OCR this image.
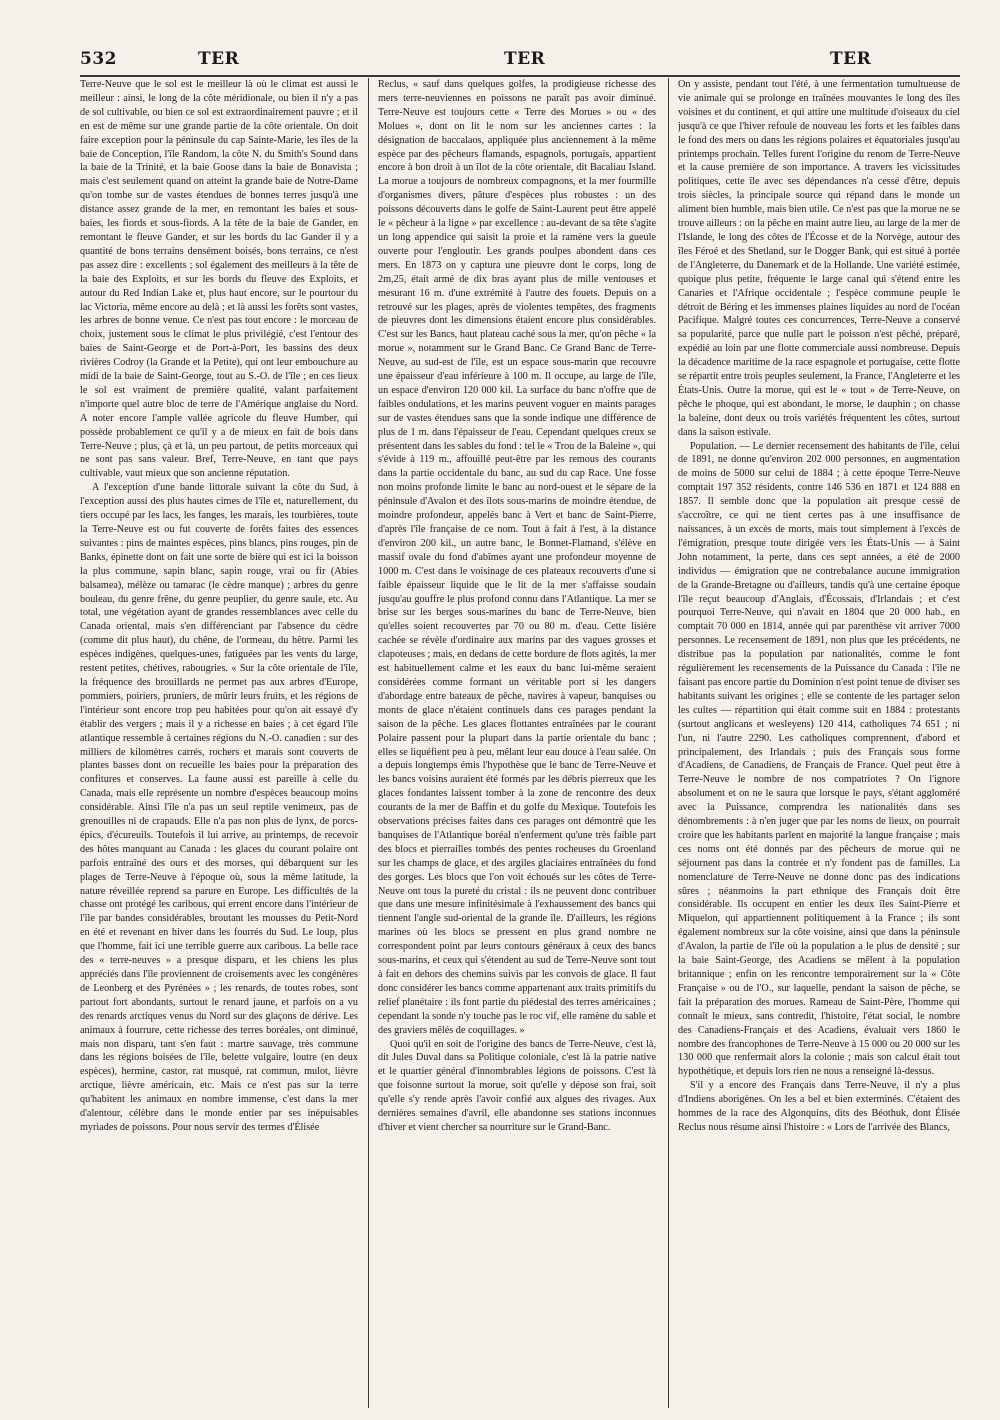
532	TER	TER	TER

Terre-Neuve que le sol est le meilleur là où le climat est aussi le meilleur : ainsi, le long de la côte méridionale, ou bien il n'y a pas de sol cultivable, ou bien ce sol est extraordinairement pauvre ; et il en est de même sur une grande partie de la côte orientale. On doit faire exception pour la péninsule du cap Sainte-Marie, les îles de la baie de Conception, l'île Random, la côte N. du Smith's Sound dans la baie de la Trinité, et la baie Goose dans la baie de Bonavista ; mais c'est seulement quand on atteint la grande baie de Notre-Dame qu'on tombe sur de vastes étendues de bonnes terres jusqu'à une distance assez grande de la mer, en remontant les baies et sous-baies, les fiords et sous-fiords. A la tête de la baie de Gander, en remontant le fleuve Gander, et sur les bords du lac Gander il y a quantité de bons terrains densément boisés, bons terrains, ce n'est pas assez dire : excellents ; sol également des meilleurs à la tête de la baie des Exploits, et sur les bords du fleuve des Exploits, et autour du Red Indian Lake et, plus haut encore, sur le pourtour du lac Victoria, même encore au delà ; et là aussi les forêts sont vastes, les arbres de bonne venue. Ce n'est pas tout encore : le morceau de choix, justement sous le climat le plus privilégié, c'est l'entour des baies de Saint-George et de Port-à-Port, les bassins des deux rivières Codroy (la Grande et la Petite), qui ont leur embouchure au midi de la baie de Saint-George, tout au S.-O. de l'île ; en ces lieux le sol est vraiment de première qualité, valant parfaitement n'importe quel autre bloc de terre de l'Amérique anglaise du Nord. A noter encore l'ample vallée agricole du fleuve Humber, qui possède probablement ce qu'il y a de mieux en fait de bois dans Terre-Neuve ; plus, çà et là, un peu partout, de petits morceaux qui ne sont pas sans valeur. Bref, Terre-Neuve, en tant que pays cultivable, vaut mieux que son ancienne réputation.

A l'exception d'une bande littorale suivant la côte du Sud, à l'exception aussi des plus hautes cimes de l'île et, naturellement, du tiers occupé par les lacs, les fanges, les marais, les tourbières, toute la Terre-Neuve est ou fut couverte de forêts faites des essences suivantes : pins de maintes espèces, pins blancs, pins rouges, pin de Banks, épinette dont on fait une sorte de bière qui est ici la boisson la plus commune, sapin blanc, sapin rouge, vrai ou fir (Abies balsamea), mélèze ou tamarac (le cèdre manque) ; arbres du genre bouleau, du genre frêne, du genre peuplier, du genre saule, etc. Au total, une végétation ayant de grandes ressemblances avec celle du Canada oriental, mais s'en différenciant par l'absence du cèdre (comme dit plus haut), du chêne, de l'ormeau, du hêtre. Parmi les espèces indigènes, quelques-unes, fatiguées par les vents du large, restent petites, chétives, rabougries. « Sur la côte orientale de l'île, la fréquence des brouillards ne permet pas aux arbres d'Europe, pommiers, poiriers, pruniers, de mûrir leurs fruits, et les régions de l'intérieur sont encore trop peu habitées pour qu'on ait essayé d'y établir des vergers ; mais il y a richesse en baies ; à cet égard l'île atlantique ressemble à certaines régions du N.-O. canadien : sur des milliers de kilomètres carrés, rochers et marais sont couverts de plantes basses dont on recueille les baies pour la préparation des confitures et conserves. La faune aussi est pareille à celle du Canada, mais elle représente un nombre d'espèces beaucoup moins considérable. Ainsi l'île n'a pas un seul reptile venimeux, pas de grenouilles ni de crapauds. Elle n'a pas non plus de lynx, de porcs-épics, d'écureuils. Toutefois il lui arrive, au printemps, de recevoir des hôtes manquant au Canada : les glaces du courant polaire ont parfois entraîné des ours et des morses, qui débarquent sur les plages de Terre-Neuve à l'époque où, sous la même latitude, la nature réveillée reprend sa parure en Europe. Les difficultés de la chasse ont protégé les caribous, qui errent encore dans l'intérieur de l'île par bandes considérables, broutant les mousses du Petit-Nord en été et revenant en hiver dans les fourrés du Sud. Le loup, plus que l'homme, fait ici une terrible guerre aux caribous. La belle race des « terre-neuves » a presque disparu, et les chiens les plus appréciés dans l'île proviennent de croisements avec les congénères de Leonberg et des Pyrénées » ; les renards, de toutes robes, sont partout fort abondants, surtout le renard jaune, et parfois on a vu des renards arctiques venus du Nord sur des glaçons de dérive. Les animaux à fourrure, cette richesse des terres boréales, ont diminué, mais non disparu, tant s'en faut : martre sauvage, très commune dans les régions boisées de l'île, belette vulgaire, loutre (en deux espèces), hermine, castor, rat musqué, rat commun, mulot, lièvre arctique, lièvre américain, etc. Mais ce n'est pas sur la terre qu'habitent les animaux en nombre immense, c'est dans la mer d'alentour, célèbre dans le monde entier par ses inépuisables myriades de poissons. Pour nous servir des termes d'Élisée

Reclus, « sauf dans quelques golfes, la prodigieuse richesse des mers terre-neuviennes en poissons ne paraît pas avoir diminué. Terre-Neuve est toujours cette « Terre des Morues » ou « des Molues », dont on lit le nom sur les anciennes cartes : la désignation de baccalaos, appliquée plus anciennement à la même espèce par des pêcheurs flamands, espagnols, portugais, appartient encore à bon droit à un îlot de la côte orientale, dit Bacaliau Island. La morue a toujours de nombreux compagnons, et la mer fourmille d'organismes divers, pâture d'espèces plus robustes : un des poissons découverts dans le golfe de Saint-Laurent peut être appelé le « pêcheur à la ligne » par excellence : au-devant de sa tête s'agite un long appendice qui saisit la proie et la ramène vers la gueule ouverte pour l'engloutir. Les grands poulpes abondent dans ces mers. En 1873 on y captura une pieuvre dont le corps, long de 2m,25, était armé de dix bras ayant plus de mille ventouses et mesurant 16 m. d'une extrémité à l'autre des fouets. Depuis on a retrouvé sur les plages, après de violentes tempêtes, des fragments de pieuvres dont les dimensions étaient encore plus considérables. C'est sur les Bancs, haut plateau caché sous la mer, qu'on pêche « la morue », notamment sur le Grand Banc. Ce Grand Banc de Terre-Neuve, au sud-est de l'île, est un espace sous-marin que recouvre une épaisseur d'eau inférieure à 100 m. Il occupe, au large de l'île, un espace d'environ 120 000 kil. La surface du banc n'offre que de faibles ondulations, et les marins peuvent voguer en maints parages sur de vastes étendues sans que la sonde indique une différence de plus de 1 m. dans l'épaisseur de l'eau. Cependant quelques creux se présentent dans les sables du fond : tel le « Trou de la Baleine », qui s'évide à 119 m., affouillé peut-être par les remous des courants dans la partie occidentale du banc, au sud du cap Race. Une fosse non moins profonde limite le banc au nord-ouest et le sépare de la péninsule d'Avalon et des îlots sous-marins de moindre étendue, de moindre profondeur, appelés banc à Vert et banc de Saint-Pierre, d'après l'île française de ce nom. Tout à fait à l'est, à la distance d'environ 200 kil., un autre banc, le Bonnet-Flamand, s'élève en massif ovale du fond d'abîmes ayant une profondeur moyenne de 1000 m. C'est dans le voisinage de ces plateaux recouverts d'une si faible épaisseur liquide que le lit de la mer s'affaisse soudain jusqu'au gouffre le plus profond connu dans l'Atlantique. La mer se brise sur les berges sous-marines du banc de Terre-Neuve, bien qu'elles soient recouvertes par 70 ou 80 m. d'eau. Cette lisière cachée se révèle d'ordinaire aux marins par des vagues grosses et clapoteuses ; mais, en dedans de cette bordure de flots agités, la mer est habituellement calme et les eaux du banc lui-même seraient considérées comme formant un véritable port si les dangers d'abordage entre bateaux de pêche, navires à vapeur, banquises ou monts de glace n'étaient continuels dans ces parages pendant la saison de la pêche. Les glaces flottantes entraînées par le courant Polaire passent pour la plupart dans la partie orientale du banc ; elles se liquéfient peu à peu, mêlant leur eau douce à l'eau salée. On a depuis longtemps émis l'hypothèse que le banc de Terre-Neuve et les bancs voisins auraient été formés par les débris pierreux que les glaces fondantes laissent tomber à la zone de rencontre des deux courants de la mer de Baffin et du golfe du Mexique. Toutefois les observations précises faites dans ces parages ont démontré que les banquises de l'Atlantique boréal n'enferment qu'une très faible part des blocs et pierrailles tombés des pentes rocheuses du Groenland sur les champs de glace, et des argiles glaciaires entraînées du fond des gorges. Les blocs que l'on voit échoués sur les côtes de Terre-Neuve ont tous la pureté du cristal : ils ne peuvent donc contribuer que dans une mesure infinitésimale à l'exhaussement des bancs qui tiennent l'angle sud-oriental de la grande île. D'ailleurs, les régions marines où les blocs se pressent en plus grand nombre ne correspondent point par leurs contours généraux à ceux des bancs sous-marins, et ceux qui s'étendent au sud de Terre-Neuve sont tout à fait en dehors des chemins suivis par les convois de glace. Il faut donc considérer les bancs comme appartenant aux traits primitifs du relief planétaire : ils font partie du piédestal des terres américaines ; cependant la sonde n'y touche pas le roc vif, elle ramène du sable et des graviers mêlés de coquillages. »

Quoi qu'il en soit de l'origine des bancs de Terre-Neuve, c'est là, dit Jules Duval dans sa Politique coloniale, c'est là la patrie native et le quartier général d'innombrables légions de poissons. C'est là que foisonne surtout la morue, soit qu'elle y dépose son frai, soit qu'elle s'y rende après l'avoir confié aux algues des rivages. Aux dernières semaines d'avril, elle abandonne ses stations inconnues d'hiver et vient chercher sa nourriture sur le Grand-Banc.

On y assiste, pendant tout l'été, à une fermentation tumultueuse de vie animale qui se prolonge en traînées mouvantes le long des îles voisines et du continent, et qui attire une multitude d'oiseaux du ciel jusqu'à ce que l'hiver refoule de nouveau les forts et les faibles dans le fond des mers ou dans les régions polaires et équatoriales jusqu'au printemps prochain. Telles furent l'origine du renom de Terre-Neuve et la cause première de son importance. A travers les vicissitudes politiques, cette île avec ses dépendances n'a cessé d'être, depuis trois siècles, la principale source qui répand dans le monde un aliment bien humble, mais bien utile. Ce n'est pas que la morue ne se trouve ailleurs : on la pêche en maint autre lieu, au large de la mer de l'Islande, le long des côtes de l'Écosse et de la Norvège, autour des îles Féroé et des Shetland, sur le Dogger Bank, qui est situé à portée de l'Angleterre, du Danemark et de la Hollande. Une variété estimée, quoique plus petite, fréquente le large canal qui s'étend entre les Canaries et l'Afrique occidentale ; l'espèce commune peuple le détroit de Béring et les immenses plaines liquides au nord de l'océan Pacifique. Malgré toutes ces concurrences, Terre-Neuve a conservé sa popularité, parce que nulle part le poisson n'est pêché, préparé, expédié au loin par une flotte commerciale aussi nombreuse. Depuis la décadence maritime de la race espagnole et portugaise, cette flotte se répartit entre trois peuples seulement, la France, l'Angleterre et les États-Unis. Outre la morue, qui est le « tout » de Terre-Neuve, on pêche le phoque, qui est abondant, le morse, le dauphin ; on chasse la baleine, dont deux ou trois variétés fréquentent les côtes, surtout dans la saison estivale.

Population. — Le dernier recensement des habitants de l'île, celui de 1891, ne donne qu'environ 202 000 personnes, en augmentation de moins de 5000 sur celui de 1884 ; à cette époque Terre-Neuve comptait 197 352 résidents, contre 146 536 en 1871 et 124 888 en 1857. Il semble donc que la population ait presque cessé de s'accroître, ce qui ne tient certes pas à une insuffisance de naissances, à un excès de morts, mais tout simplement à l'excès de l'émigration, presque toute dirigée vers les États-Unis — à Saint John notamment, la perte, dans ces sept années, a été de 2000 individus — émigration que ne contrebalance aucune immigration de la Grande-Bretagne ou d'ailleurs, tandis qu'à une certaine époque l'île reçut beaucoup d'Anglais, d'Écossais, d'Irlandais ; et c'est pourquoi Terre-Neuve, qui n'avait en 1804 que 20 000 hab., en comptait 70 000 en 1814, année qui par parenthèse vit arriver 7000 personnes. Le recensement de 1891, non plus que les précédents, ne distribue pas la population par nationalités, comme le font régulièrement les recensements de la Puissance du Canada : l'île ne faisant pas encore partie du Dominion n'est point tenue de diviser ses habitants suivant les origines ; elle se contente de les partager selon les cultes — répartition qui était comme suit en 1884 : protestants (surtout anglicans et wesleyens) 120 414, catholiques 74 651 ; ni l'un, ni l'autre 2290. Les catholiques comprennent, d'abord et principalement, des Irlandais ; puis des Français sous forme d'Acadiens, de Canadiens, de Français de France. Quel peut être à Terre-Neuve le nombre de nos compatriotes ? On l'ignore absolument et on ne le saura que lorsque le pays, s'étant aggloméré avec la Puissance, comprendra les nationalités dans ses dénombrements : à n'en juger que par les noms de lieux, on pourrait croire que les habitants parlent en majorité la langue française ; mais ces noms ont été donnés par des pêcheurs de morue qui ne séjournent pas dans la contrée et n'y fondent pas de familles. La nomenclature de Terre-Neuve ne donne donc pas des indications sûres ; néanmoins la part ethnique des Français doit être considérable. Ils occupent en entier les deux îles Saint-Pierre et Miquelon, qui appartiennent politiquement à la France ; ils sont également nombreux sur la côte voisine, ainsi que dans la péninsule d'Avalon, la partie de l'île où la population a le plus de densité ; sur la baie Saint-George, des Acadiens se mêlent à la population britannique ; enfin on les rencontre temporairement sur la « Côte Française » ou de l'O., sur laquelle, pendant la saison de pêche, se fait la préparation des morues. Rameau de Saint-Père, l'homme qui connaît le mieux, sans contredit, l'histoire, l'état social, le nombre des Canadiens-Français et des Acadiens, évaluait vers 1860 le nombre des francophones de Terre-Neuve à 15 000 ou 20 000 sur les 130 000 que renfermait alors la colonie ; mais son calcul était tout hypothétique, et depuis lors rien ne nous a renseigné là-dessus.

S'il y a encore des Français dans Terre-Neuve, il n'y a plus d'Indiens aborigènes. On les a bel et bien exterminés. C'étaient des hommes de la race des Algonquins, dits des Béothuk, dont Élisée Reclus nous résume ainsi l'histoire : « Lors de l'arrivée des Blancs,
